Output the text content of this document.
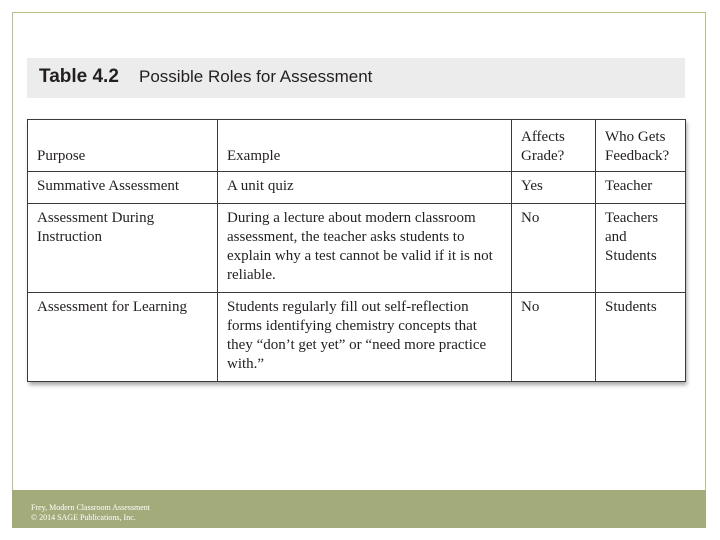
Table 4.2 Possible Roles for Assessment
Purpose	Example	Affects Grade?	Who Gets Feedback?
Summative Assessment	A unit quiz	Yes	Teacher
Assessment During Instruction	During a lecture about modern classroom assessment, the teacher asks students to explain why a test cannot be valid if it is not reliable.	No	Teachers and Students
Assessment for Learning	Students regularly fill out self-reflection forms identifying chemistry concepts that they “don’t get yet” or “need more practice with.”	No	Students
Frey, Modern Classroom Assessment
© 2014 SAGE Publications, Inc.
